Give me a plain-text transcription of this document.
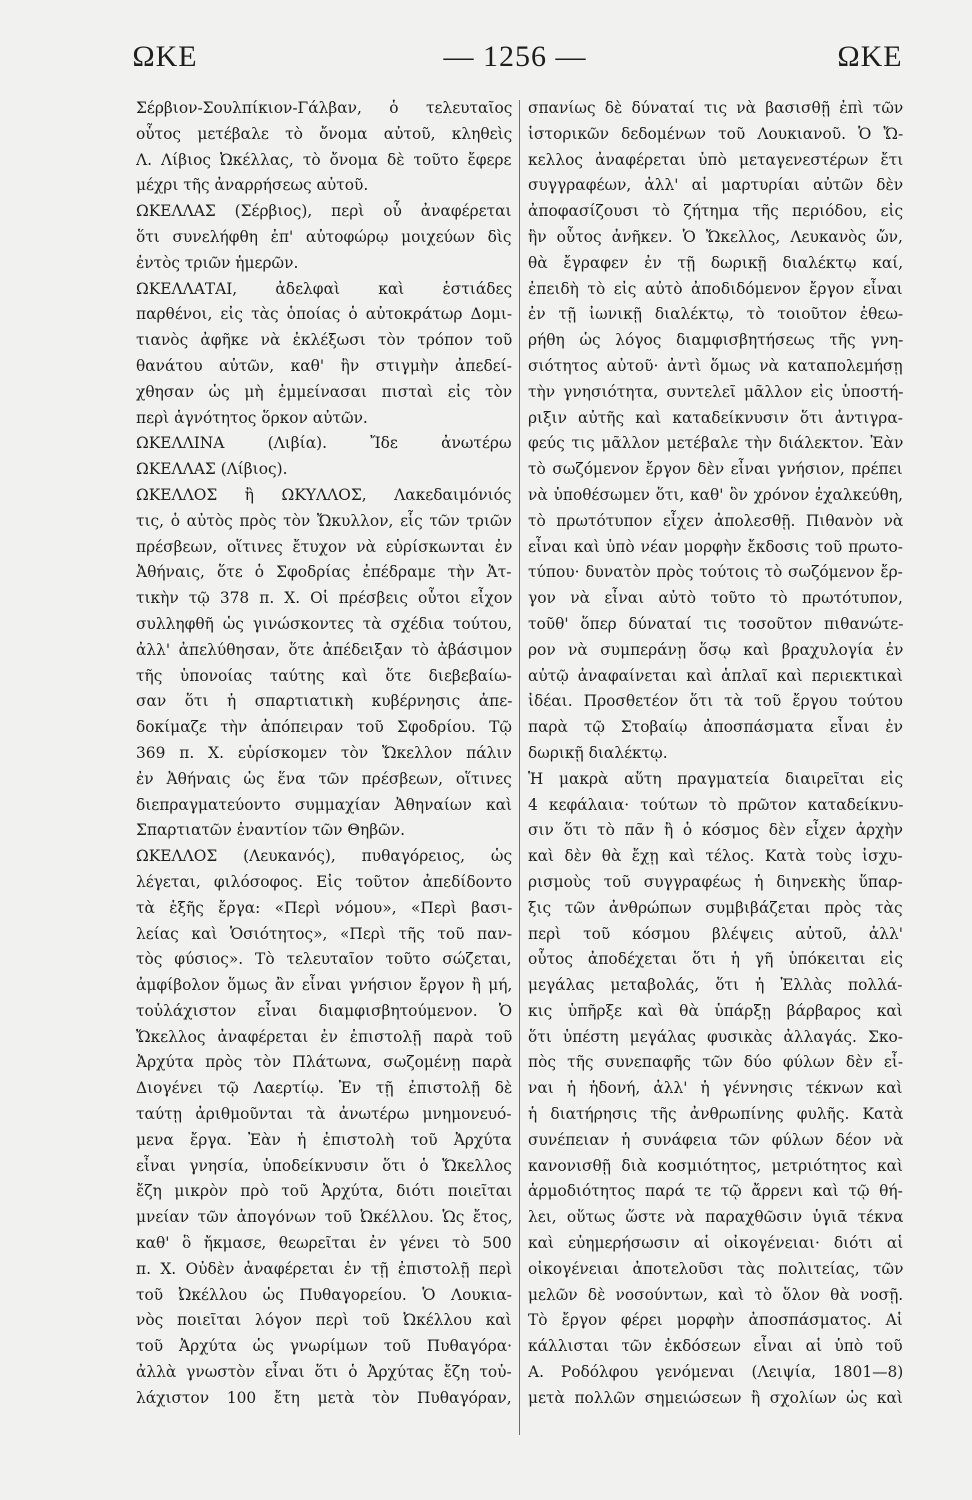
ΩΚΕ	— 1256 —	ΩΚΕ
Σέρβιον-Σουλπίκιον-Γάλβαν, ὁ τελευταῖος
οὗτος μετέβαλε τὸ ὄνομα αὐτοῦ, κληθεὶς
Λ. Λίβιος Ὠκέλλας, τὸ ὄνομα δὲ τοῦτο ἔφερε
μέχρι τῆς ἀναρρήσεως αὐτοῦ.
ΩΚΕΛΛΑΣ (Σέρβιος), περὶ οὗ ἀναφέρεται
ὅτι συνελήφθη ἐπ' αὐτοφώρῳ μοιχεύων δὶς
ἐντὸς τριῶν ἡμερῶν.
ΩΚΕΛΛΑΤΑΙ, ἀδελφαὶ καὶ ἑστιάδες
παρθένοι, εἰς τὰς ὁποίας ὁ αὐτοκράτωρ Δομι-
τιανὸς ἀφῆκε νὰ ἐκλέξωσι τὸν τρόπον τοῦ
θανάτου αὐτῶν, καθ' ἣν στιγμὴν ἀπεδεί-
χθησαν ὡς μὴ ἐμμείνασαι πισταὶ εἰς τὸν
περὶ ἁγνότητος ὅρκον αὐτῶν.
ΩΚΕΛΛΙΝΑ (Λιβία). Ἴδε ἀνωτέρω
ΩΚΕΛΛΑΣ (Λίβιος).
ΩΚΕΛΛΟΣ ἢ ΩΚΥΛΛΟΣ, Λακεδαιμόνιός
τις, ὁ αὐτὸς πρὸς τὸν Ὤκυλλον, εἷς τῶν τριῶν
πρέσβεων, οἵτινες ἔτυχον νὰ εὑρίσκωνται ἐν
Ἀθήναις, ὅτε ὁ Σφοδρίας ἐπέδραμε τὴν Ἀτ-
τικὴν τῷ 378 π. Χ. Οἱ πρέσβεις οὗτοι εἶχον
συλληφθῆ ὡς γινώσκοντες τὰ σχέδια τούτου,
ἀλλ' ἀπελύθησαν, ὅτε ἀπέδειξαν τὸ ἀβάσιμον
τῆς ὑπονοίας ταύτης καὶ ὅτε διεβεβαίω-
σαν ὅτι ἡ σπαρτιατικὴ κυβέρνησις ἀπε-
δοκίμαζε τὴν ἀπόπειραν τοῦ Σφοδρίου. Τῷ
369 π. Χ. εὑρίσκομεν τὸν Ὤκελλον πάλιν
ἐν Ἀθήναις ὡς ἕνα τῶν πρέσβεων, οἵτινες
διεπραγματεύοντο συμμαχίαν Ἀθηναίων καὶ
Σπαρτιατῶν ἐναντίον τῶν Θηβῶν.
ΩΚΕΛΛΟΣ (Λευκανός), πυθαγόρειος, ὡς
λέγεται, φιλόσοφος. Εἰς τοῦτον ἀπεδίδοντο
τὰ ἑξῆς ἔργα: «Περὶ νόμου», «Περὶ βασι-
λείας καὶ Ὁσιότητος», «Περὶ τῆς τοῦ παν-
τὸς φύσιος». Τὸ τελευταῖον τοῦτο σώζεται,
ἀμφίβολον ὅμως ἂν εἶναι γνήσιον ἔργον ἢ μή,
τοὐλάχιστον εἶναι διαμφισβητούμενον. Ὁ
Ὤκελλος ἀναφέρεται ἐν ἐπιστολῇ παρὰ τοῦ
Ἀρχύτα πρὸς τὸν Πλάτωνα, σωζομένῃ παρὰ
Διογένει τῷ Λαερτίῳ. Ἐν τῇ ἐπιστολῇ δὲ
ταύτῃ ἀριθμοῦνται τὰ ἀνωτέρω μνημονευό-
μενα ἔργα. Ἐὰν ἡ ἐπιστολὴ τοῦ Ἀρχύτα
εἶναι γνησία, ὑποδείκνυσιν ὅτι ὁ Ὤκελλος
ἔζη μικρὸν πρὸ τοῦ Ἀρχύτα, διότι ποιεῖται
μνείαν τῶν ἀπογόνων τοῦ Ὠκέλλου. Ὡς ἔτος,
καθ' ὃ ἤκμασε, θεωρεῖται ἐν γένει τὸ 500
π. Χ. Οὐδὲν ἀναφέρεται ἐν τῇ ἐπιστολῇ περὶ
τοῦ Ὠκέλλου ὡς Πυθαγορείου. Ὁ Λουκια-
νὸς ποιεῖται λόγον περὶ τοῦ Ὠκέλλου καὶ
τοῦ Ἀρχύτα ὡς γνωρίμων τοῦ Πυθαγόρα·
ἀλλὰ γνωστὸν εἶναι ὅτι ὁ Ἀρχύτας ἔζη τοὐ-
λάχιστον 100 ἔτη μετὰ τὸν Πυθαγόραν,
σπανίως δὲ δύναταί τις νὰ βασισθῇ ἐπὶ τῶν
ἱστορικῶν δεδομένων τοῦ Λουκιανοῦ. Ὁ Ὤ-
κελλος ἀναφέρεται ὑπὸ μεταγενεστέρων ἔτι
συγγραφέων, ἀλλ' αἱ μαρτυρίαι αὐτῶν δὲν
ἀποφασίζουσι τὸ ζήτημα τῆς περιόδου, εἰς
ἣν οὗτος ἀνῆκεν. Ὁ Ὤκελλος, Λευκανὸς ὤν,
θὰ ἔγραφεν ἐν τῇ δωρικῇ διαλέκτῳ καί,
ἐπειδὴ τὸ εἰς αὐτὸ ἀποδιδόμενον ἔργον εἶναι
ἐν τῇ ἰωνικῇ διαλέκτῳ, τὸ τοιοῦτον ἐθεω-
ρήθη ὡς λόγος διαμφισβητήσεως τῆς γνη-
σιότητος αὐτοῦ· ἀντὶ ὅμως νὰ καταπολεμήσῃ
τὴν γνησιότητα, συντελεῖ μᾶλλον εἰς ὑποστή-
ριξιν αὐτῆς καὶ καταδείκνυσιν ὅτι ἀντιγρα-
φεύς τις μᾶλλον μετέβαλε τὴν διάλεκτον. Ἐὰν
τὸ σωζόμενον ἔργον δὲν εἶναι γνήσιον, πρέπει
νὰ ὑποθέσωμεν ὅτι, καθ' ὃν χρόνον ἐχαλκεύθη,
τὸ πρωτότυπον εἶχεν ἀπολεσθῇ. Πιθανὸν νὰ
εἶναι καὶ ὑπὸ νέαν μορφὴν ἔκδοσις τοῦ πρωτο-
τύπου· δυνατὸν πρὸς τούτοις τὸ σωζόμενον ἔρ-
γον νὰ εἶναι αὐτὸ τοῦτο τὸ πρωτότυπον,
τοῦθ' ὅπερ δύναταί τις τοσοῦτον πιθανώτε-
ρον νὰ συμπεράνῃ ὅσῳ καὶ βραχυλογία ἐν
αὐτῷ ἀναφαίνεται καὶ ἁπλαῖ καὶ περιεκτικαὶ
ἰδέαι. Προσθετέον ὅτι τὰ τοῦ ἔργου τούτου
παρὰ τῷ Στοβαίῳ ἀποσπάσματα εἶναι ἐν
δωρικῇ διαλέκτῳ.
Ἡ μακρὰ αὕτη πραγματεία διαιρεῖται εἰς
4 κεφάλαια· τούτων τὸ πρῶτον καταδείκνυ-
σιν ὅτι τὸ πᾶν ἢ ὁ κόσμος δὲν εἶχεν ἀρχὴν
καὶ δὲν θὰ ἔχῃ καὶ τέλος. Κατὰ τοὺς ἰσχυ-
ρισμοὺς τοῦ συγγραφέως ἡ διηνεκὴς ὕπαρ-
ξις τῶν ἀνθρώπων συμβιβάζεται πρὸς τὰς
περὶ τοῦ κόσμου βλέψεις αὐτοῦ, ἀλλ'
οὗτος ἀποδέχεται ὅτι ἡ γῆ ὑπόκειται εἰς
μεγάλας μεταβολάς, ὅτι ἡ Ἑλλὰς πολλά-
κις ὑπῆρξε καὶ θὰ ὑπάρξῃ βάρβαρος καὶ
ὅτι ὑπέστη μεγάλας φυσικὰς ἀλλαγάς. Σκο-
πὸς τῆς συνεπαφῆς τῶν δύο φύλων δὲν εἶ-
ναι ἡ ἡδονή, ἀλλ' ἡ γέννησις τέκνων καὶ
ἡ διατήρησις τῆς ἀνθρωπίνης φυλῆς. Κατὰ
συνέπειαν ἡ συνάφεια τῶν φύλων δέον νὰ
κανονισθῇ διὰ κοσμιότητος, μετριότητος καὶ
ἁρμοδιότητος παρά τε τῷ ἄρρενι καὶ τῷ θή-
λει, οὕτως ὥστε νὰ παραχθῶσιν ὑγιᾶ τέκνα
καὶ εὐημερήσωσιν αἱ οἰκογένειαι· διότι αἱ
οἰκογένειαι ἀποτελοῦσι τὰς πολιτείας, τῶν
μελῶν δὲ νοσούντων, καὶ τὸ ὅλον θὰ νοσῇ.
Τὸ ἔργον φέρει μορφὴν ἀποσπάσματος. Αἱ
κάλλισται τῶν ἐκδόσεων εἶναι αἱ ὑπὸ τοῦ
Α. Ροδόλφου γενόμεναι (Λειψία, 1801—8)
μετὰ πολλῶν σημειώσεων ἢ σχολίων ὡς καὶ
